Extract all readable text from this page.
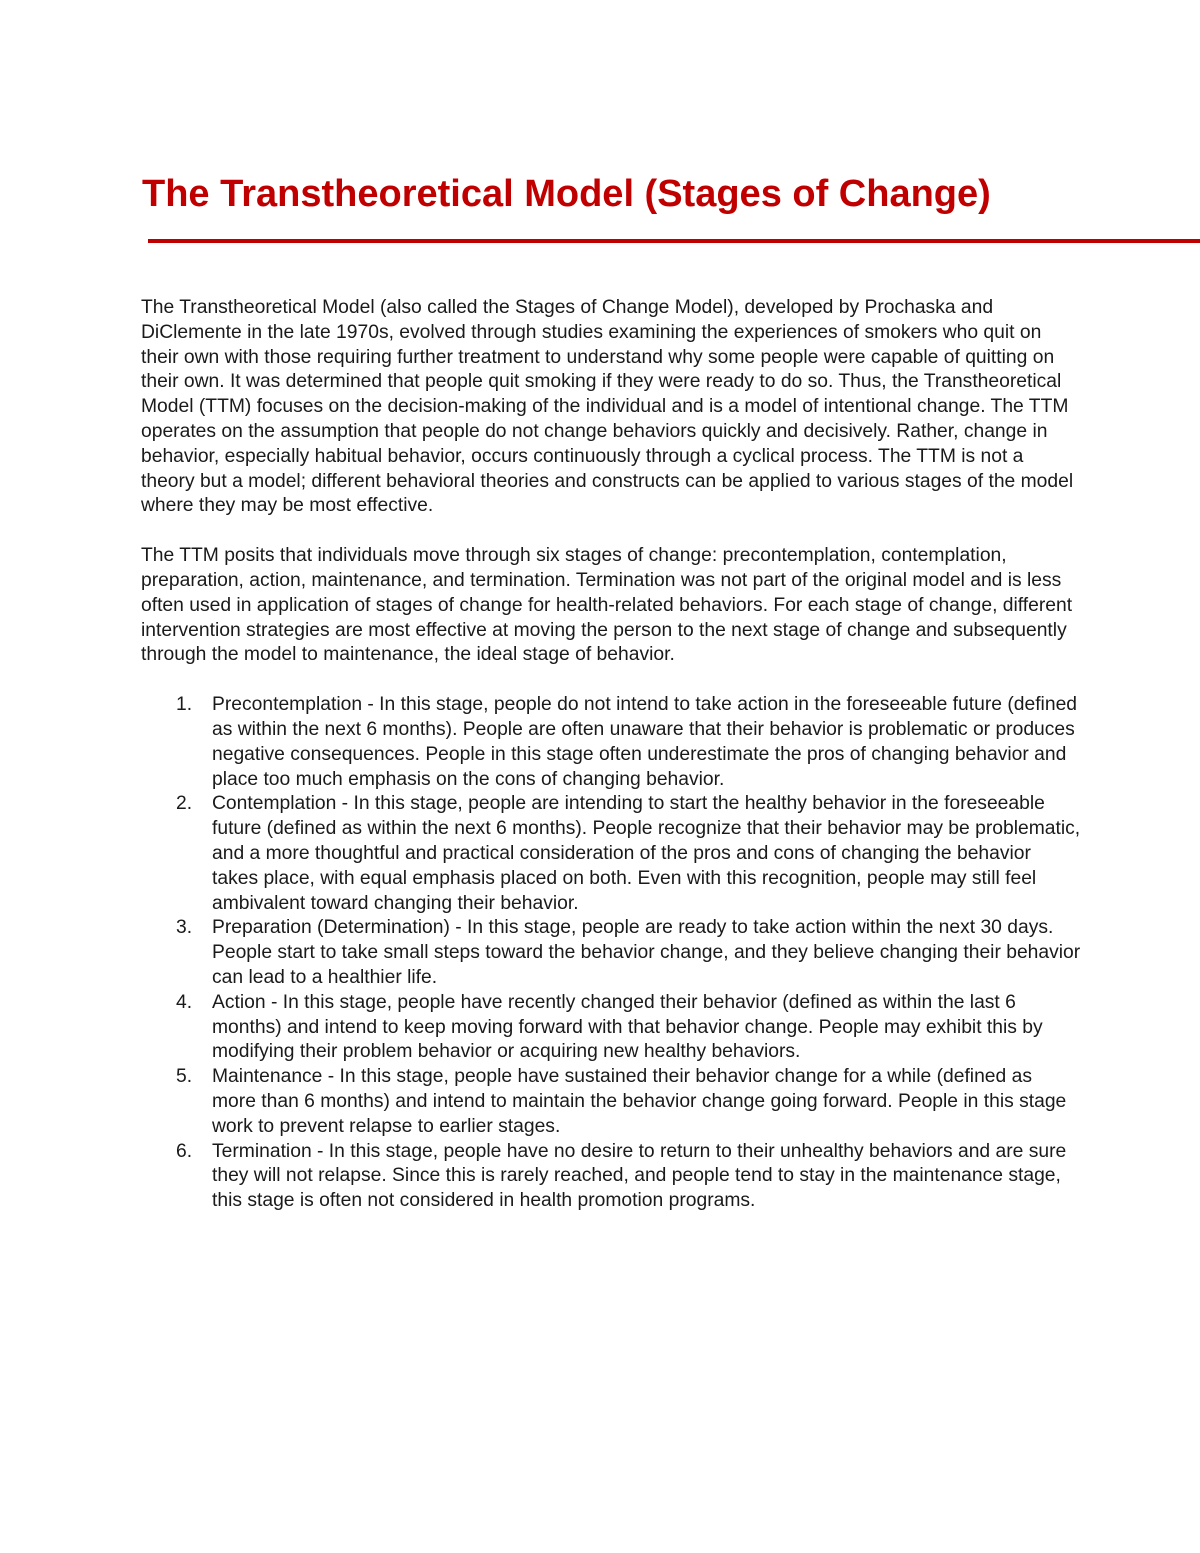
The Transtheoretical Model (Stages of Change)

The Transtheoretical Model (also called the Stages of Change Model), developed by Prochaska and DiClemente in the late 1970s, evolved through studies examining the experiences of smokers who quit on their own with those requiring further treatment to understand why some people were capable of quitting on their own. It was determined that people quit smoking if they were ready to do so. Thus, the Transtheoretical Model (TTM) focuses on the decision-making of the individual and is a model of intentional change. The TTM operates on the assumption that people do not change behaviors quickly and decisively. Rather, change in behavior, especially habitual behavior, occurs continuously through a cyclical process. The TTM is not a theory but a model; different behavioral theories and constructs can be applied to various stages of the model where they may be most effective.

The TTM posits that individuals move through six stages of change: precontemplation, contemplation, preparation, action, maintenance, and termination. Termination was not part of the original model and is less often used in application of stages of change for health-related behaviors. For each stage of change, different intervention strategies are most effective at moving the person to the next stage of change and subsequently through the model to maintenance, the ideal stage of behavior.

1. Precontemplation - In this stage, people do not intend to take action in the foreseeable future (defined as within the next 6 months). People are often unaware that their behavior is problematic or produces negative consequences. People in this stage often underestimate the pros of changing behavior and place too much emphasis on the cons of changing behavior.
2. Contemplation - In this stage, people are intending to start the healthy behavior in the foreseeable future (defined as within the next 6 months). People recognize that their behavior may be problematic, and a more thoughtful and practical consideration of the pros and cons of changing the behavior takes place, with equal emphasis placed on both. Even with this recognition, people may still feel ambivalent toward changing their behavior.
3. Preparation (Determination) - In this stage, people are ready to take action within the next 30 days. People start to take small steps toward the behavior change, and they believe changing their behavior can lead to a healthier life.
4. Action - In this stage, people have recently changed their behavior (defined as within the last 6 months) and intend to keep moving forward with that behavior change. People may exhibit this by modifying their problem behavior or acquiring new healthy behaviors.
5. Maintenance - In this stage, people have sustained their behavior change for a while (defined as more than 6 months) and intend to maintain the behavior change going forward. People in this stage work to prevent relapse to earlier stages.
6. Termination - In this stage, people have no desire to return to their unhealthy behaviors and are sure they will not relapse. Since this is rarely reached, and people tend to stay in the maintenance stage, this stage is often not considered in health promotion programs.
